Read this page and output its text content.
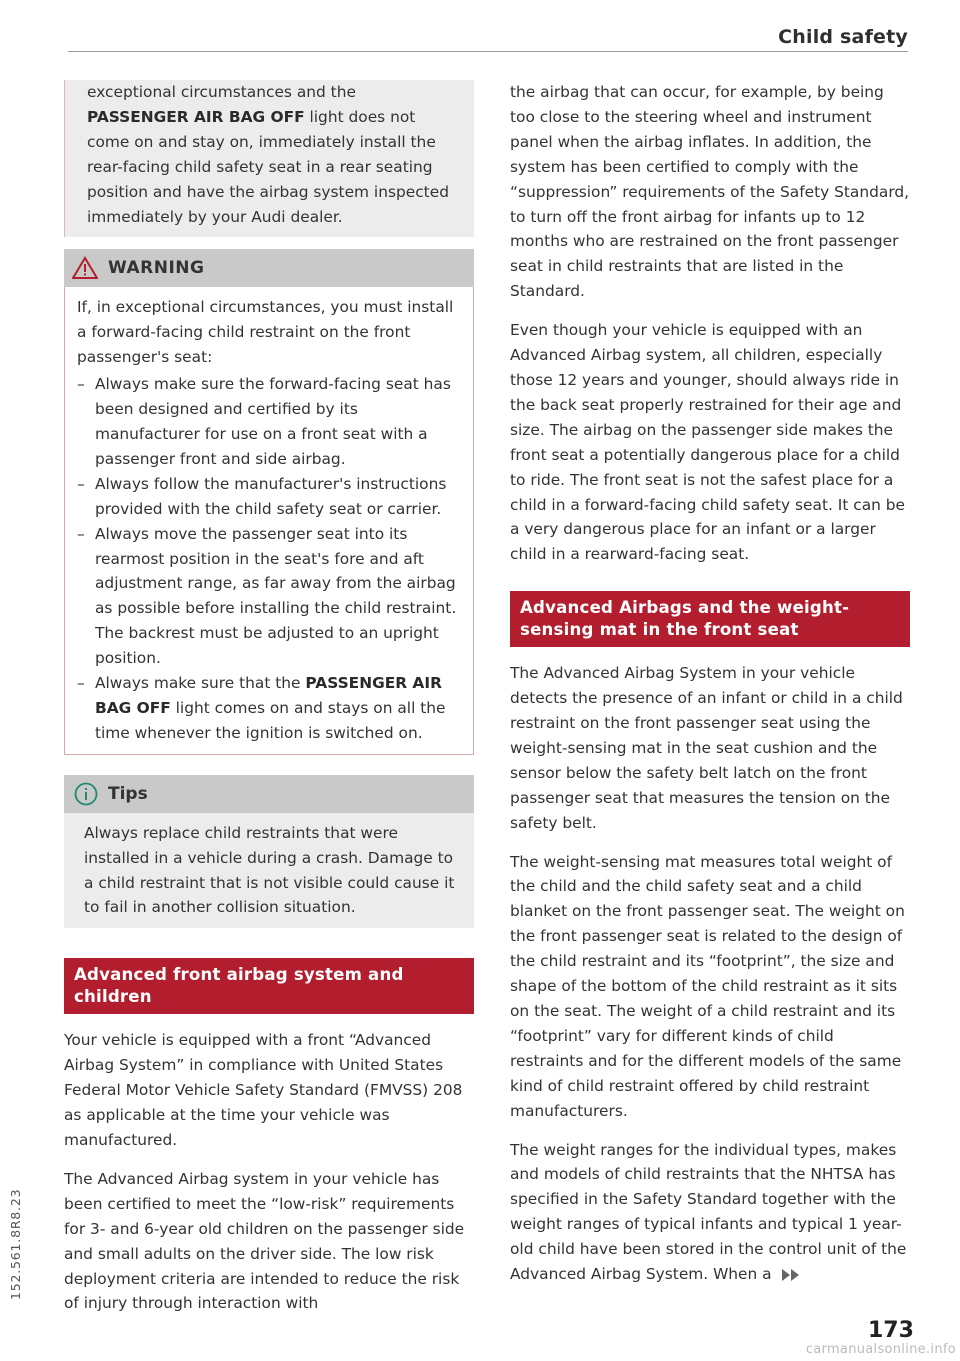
Child safety

exceptional circumstances and the PASSENGER AIR BAG OFF light does not come on and stay on, immediately install the rear-facing child safety seat in a rear seating position and have the airbag system inspected immediately by your Audi dealer.

WARNING

If, in exceptional circumstances, you must install a forward-facing child restraint on the front passenger's seat:

– Always make sure the forward-facing seat has been designed and certified by its manufacturer for use on a front seat with a passenger front and side airbag.

– Always follow the manufacturer's instructions provided with the child safety seat or carrier.

– Always move the passenger seat into its rearmost position in the seat's fore and aft adjustment range, as far away from the airbag as possible before installing the child restraint. The backrest must be adjusted to an upright position.

– Always make sure that the PASSENGER AIR BAG OFF light comes on and stays on all the time whenever the ignition is switched on.

Tips

Always replace child restraints that were installed in a vehicle during a crash. Damage to a child restraint that is not visible could cause it to fail in another collision situation.

Advanced front airbag system and children

Your vehicle is equipped with a front “Advanced Airbag System” in compliance with United States Federal Motor Vehicle Safety Standard (FMVSS) 208 as applicable at the time your vehicle was manufactured.

The Advanced Airbag system in your vehicle has been certified to meet the “low-risk” requirements for 3- and 6-year old children on the passenger side and small adults on the driver side. The low risk deployment criteria are intended to reduce the risk of injury through interaction with

the airbag that can occur, for example, by being too close to the steering wheel and instrument panel when the airbag inflates. In addition, the system has been certified to comply with the “suppression” requirements of the Safety Standard, to turn off the front airbag for infants up to 12 months who are restrained on the front passenger seat in child restraints that are listed in the Standard.

Even though your vehicle is equipped with an Advanced Airbag system, all children, especially those 12 years and younger, should always ride in the back seat properly restrained for their age and size. The airbag on the passenger side makes the front seat a potentially dangerous place for a child to ride. The front seat is not the safest place for a child in a forward-facing child safety seat. It can be a very dangerous place for an infant or a larger child in a rearward-facing seat.

Advanced Airbags and the weight-sensing mat in the front seat

The Advanced Airbag System in your vehicle detects the presence of an infant or child in a child restraint on the front passenger seat using the weight-sensing mat in the seat cushion and the sensor below the safety belt latch on the front passenger seat that measures the tension on the safety belt.

The weight-sensing mat measures total weight of the child and the child safety seat and a child blanket on the front passenger seat. The weight on the front passenger seat is related to the design of the child restraint and its “footprint”, the size and shape of the bottom of the child restraint as it sits on the seat. The weight of a child restraint and its “footprint” vary for different kinds of child restraints and for the different models of the same kind of child restraint offered by child restraint manufacturers.

The weight ranges for the individual types, makes and models of child restraints that the NHTSA has specified in the Safety Standard together with the weight ranges of typical infants and typical 1 year-old child have been stored in the control unit of the Advanced Airbag System. When a

173
152.561.8R8.23
carmanualsonline.info
